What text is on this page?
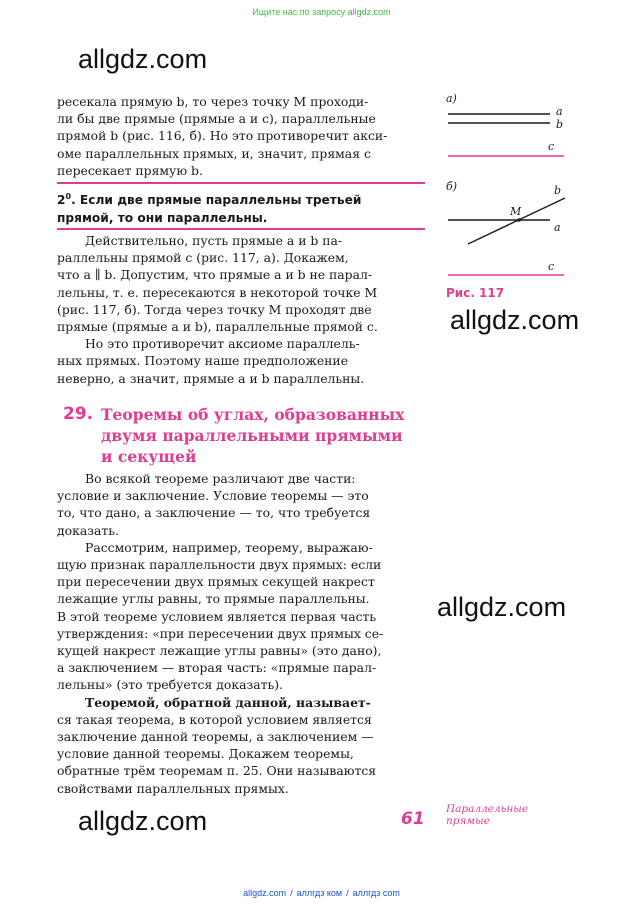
Ищите нас по запросу allgdz.com
allgdz.com
allgdz.com
allgdz.com
allgdz.com

ресекала прямую b, то через точку M проходи-

ли бы две прямые (прямые a и c), параллельные

прямой b (рис. 116, б). Но это противоречит акси-

оме параллельных прямых, и, значит, прямая c

пересекает прямую b.

$2^0$. Если две прямые параллельны третьей

прямой, то они параллельны.

Действительно, пусть прямые a и b па-

раллельны прямой c (рис. 117, а). Докажем,

что a ∥ b. Допустим, что прямые a и b не парал-

лельны, т. е. пересекаются в некоторой точке M

(рис. 117, б). Тогда через точку M проходят две

прямые (прямые a и b), параллельные прямой c.

Но это противоречит аксиоме параллель-

ных прямых. Поэтому наше предположение

неверно, а значит, прямые a и b параллельны.

29. Теоремы об углах, образованных
двумя параллельными прямыми
и секущей

Во всякой теореме различают две части:

условие и заключение. Условие теоремы — это

то, что дано, а заключение — то, что требуется

доказать.

Рассмотрим, например, теорему, выражаю-

щую признак параллельности двух прямых: если

при пересечении двух прямых секущей накрест

лежащие углы равны, то прямые параллельны.

В этой теореме условием является первая часть

утверждения: «при пересечении двух прямых се-

кущей накрест лежащие углы равны» (это дано),

а заключением — вторая часть: «прямые парал-

лельны» (это требуется доказать).

Теоремой, обратной данной, называет-

ся такая теорема, в которой условием является

заключение данной теоремы, а заключением —

условие данной теоремы. Докажем теоремы,

обратные трём теоремам п. 25. Они называются

свойствами параллельных прямых.

а)
a
b
c
б)	b
a
M
c
Рис. 117
61 Параллельные
прямые
allgdz.com / аллгдз ком / аллгдз com
